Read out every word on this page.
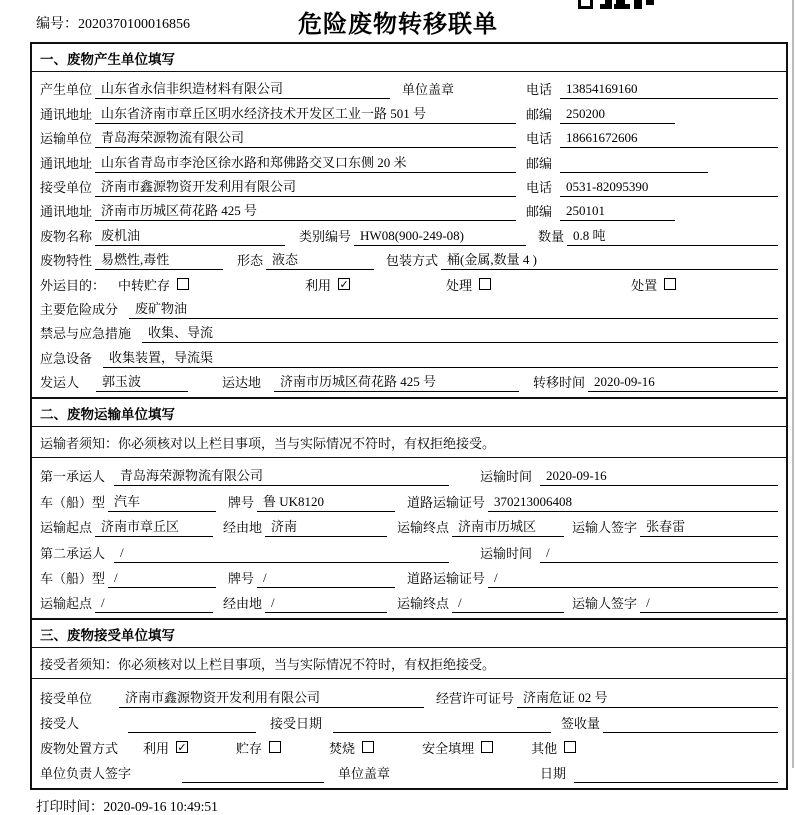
编号：2020370100016856	危险废物转移联单
一、废物产生单位填写
产生单位 山东省永信非织造材料有限公司	单位盖章	电话	13854169160
通讯地址 山东省济南市章丘区明水经济技术开发区工业一路 501 号	邮编	250200
运输单位 青岛海荣源物流有限公司	电话	18661672606
通讯地址 山东省青岛市李沧区徐水路和郑佛路交叉口东侧 20 米	邮编
接受单位 济南市鑫源物资开发利用有限公司	电话	0531-82095390
通讯地址 济南市历城区荷花路 425 号	邮编	250101
废物名称 废机油	类别编号 HW08(900-249-08)	数量 0.8 吨
废物特性 易燃性,毒性	形态 液态	包装方式 桶(金属,数量 4 )
外运目的： 中转贮存	利用 ✓	处理	处置
主要危险成分	废矿物油
禁忌与应急措施	收集、导流
应急设备	收集装置，导流渠
发运人	郭玉波	运达地	济南市历城区荷花路 425 号	转移时间 2020-09-16
二、废物运输单位填写
运输者须知：你必须核对以上栏目事项，当与实际情况不符时，有权拒绝接受。
第一承运人	青岛海荣源物流有限公司	运输时间	2020-09-16
车（船）型 汽车	牌号 鲁 UK8120	道路运输证号 370213006408
运输起点 济南市章丘区	经由地 济南	运输终点 济南市历城区	运输人签字 张春雷
第二承运人	/	运输时间	/
车（船）型 /	牌号 /	道路运输证号 /
运输起点 /	经由地 /	运输终点 /	运输人签字 /
三、废物接受单位填写
接受者须知：你必须核对以上栏目事项，当与实际情况不符时，有权拒绝接受。
接受单位	济南市鑫源物资开发利用有限公司	经营许可证号 济南危证 02 号
接受人	接受日期	签收量
废物处置方式 利用 ✓	贮存	焚烧	安全填埋	其他
单位负责人签字	单位盖章	日期
打印时间：2020-09-16 10:49:51
